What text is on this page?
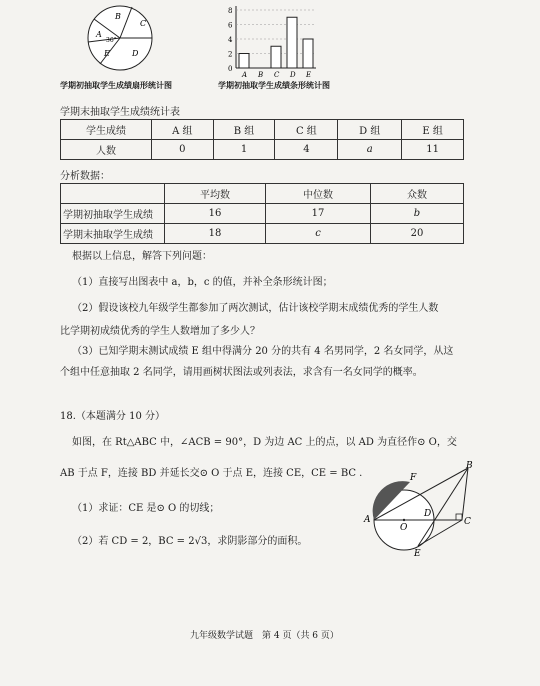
A
B
C
D
E
36°
学期初抽取学生成绩扇形统计图
8
6
4
2
0
A B C D E
学期初抽取学生成绩条形统计图
学期末抽取学生成绩统计表
学生成绩	A 组	B 组	C 组	D 组	E 组
人数	0	1	4	a	11
分析数据：
	平均数	中位数	众数
学期初抽取学生成绩	16	17	b
学期末抽取学生成绩	18	c	20

根据以上信息，解答下列问题：

（1）直接写出图表中 a，b，c 的值，并补全条形统计图；

（2）假设该校九年级学生都参加了两次测试，估计该校学期末成绩优秀的学生人数

比学期初成绩优秀的学生人数增加了多少人？

（3）已知学期末测试成绩 E 组中得满分 20 分的共有 4 名男同学，2 名女同学，从这

个组中任意抽取 2 名同学，请用画树状图法或列表法，求含有一名女同学的概率。

18.（本题满分 10 分）

如图，在 Rt△ABC 中，∠ACB = 90°，D 为边 AC 上的点，以 AD 为直径作⊙ O，交

AB 于点 F，连接 BD 并延长交⊙ O 于点 E，连接 CE，CE = BC .

（1）求证：CE 是⊙ O 的切线；

（2）若 CD = 2，BC = 2√3，求阴影部分的面积。

B
F
A
O
D
C
E
九年级数学试题　第 4 页（共 6 页）
